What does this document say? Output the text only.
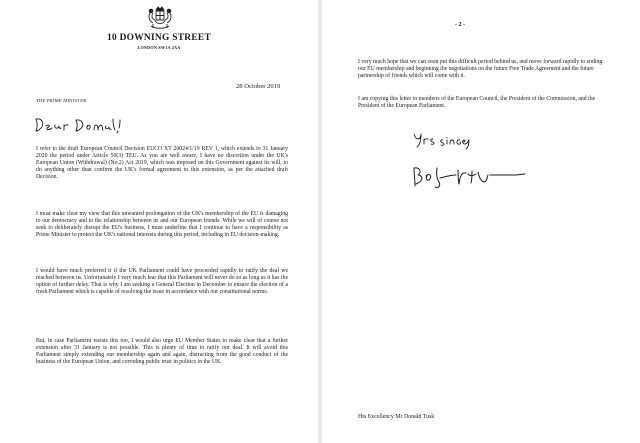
10 DOWNING STREET
LONDON SW1A 2AA
28 October 2019
THE PRIME MINISTER

I refer to the draft European Council Decision EUCO XT 20024/1/19 REV 1, which extends to 31 January 2020 the period under Article 50(3) TEU. As you are well aware, I have no discretion under the UK's European Union (Withdrawal) (No.2) Act 2019, which was imposed on this Government against its will, to do anything other than confirm the UK's formal agreement to this extension, as per the attached draft Decision.

I must make clear my view that this unwanted prolongation of the UK's membership of the EU is damaging to our democracy and to the relationship between us and our European friends. While we will of course not seek to deliberately disrupt the EU's business, I must underline that I continue to have a responsibility as Prime Minister to protect the UK's national interests during this period, including in EU decision-making.

I would have much preferred it if the UK Parliament could have proceeded rapidly to ratify the deal we reached between us. Unfortunately I very much fear that this Parliament will never do so as long as it has the option of further delay. That is why I am seeking a General Election in December to ensure the election of a fresh Parliament which is capable of resolving the issue in accordance with our constitutional norms.

But, in case Parliament resists this too, I would also urge EU Member States to make clear that a further extension after 31 January is not possible. This is plenty of time to ratify our deal. It will avoid this Parliament simply extending our membership again and again, distracting from the good conduct of the business of the European Union, and corroding public trust in politics in the UK.

- 2 -

I very much hope that we can soon put this difficult period behind us, and move forward rapidly to ending our EU membership and beginning the negotiations on the future Free Trade Agreement and the future partnership of friends which will come with it.

I am copying this letter to members of the European Council, the President of the Commission, and the President of the European Parliament.

His Excellency Mr Donald Tusk
